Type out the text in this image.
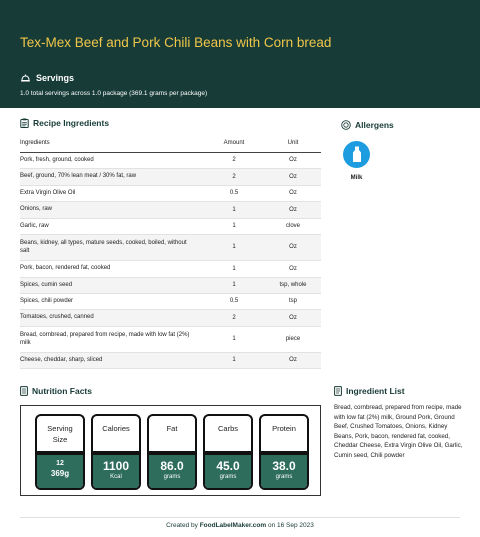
Tex-Mex Beef and Pork Chili Beans with Corn bread
Servings
1.0 total servings across 1.0 package (369.1 grams per package)
Recipe Ingredients
Ingredients	Amount	Unit
Pork, fresh, ground, cooked	2	Oz
Beef, ground, 70% lean meat / 30% fat, raw	2	Oz
Extra Virgin Olive Oil	0.5	Oz
Onions, raw	1	Oz
Garlic, raw	1	clove
Beans, kidney, all types, mature seeds, cooked, boiled, without salt	1	Oz
Pork, bacon, rendered fat, cooked	1	Oz
Spices, cumin seed	1	tsp, whole
Spices, chili powder	0.5	tsp
Tomatoes, crushed, canned	2	Oz
Bread, cornbread, prepared from recipe, made with low fat (2%) milk	1	piece
Cheese, cheddar, sharp, sliced	1	Oz
Allergens
Milk
Nutrition Facts
Serving
Size
12
369g
Calories
1100
Kcal
Fat
86.0
grams
Carbs
45.0
grams
Protein
38.0
grams
Ingredient List
Bread, cornbread, prepared from recipe, made with low fat (2%) milk, Ground Pork, Ground Beef, Crushed Tomatoes, Onions, Kidney Beans, Pork, bacon, rendered fat, cooked, Cheddar Cheese, Extra Virgin Olive Oil, Garlic, Cumin seed, Chili powder
Created by FoodLabelMaker.com on 16 Sep 2023
